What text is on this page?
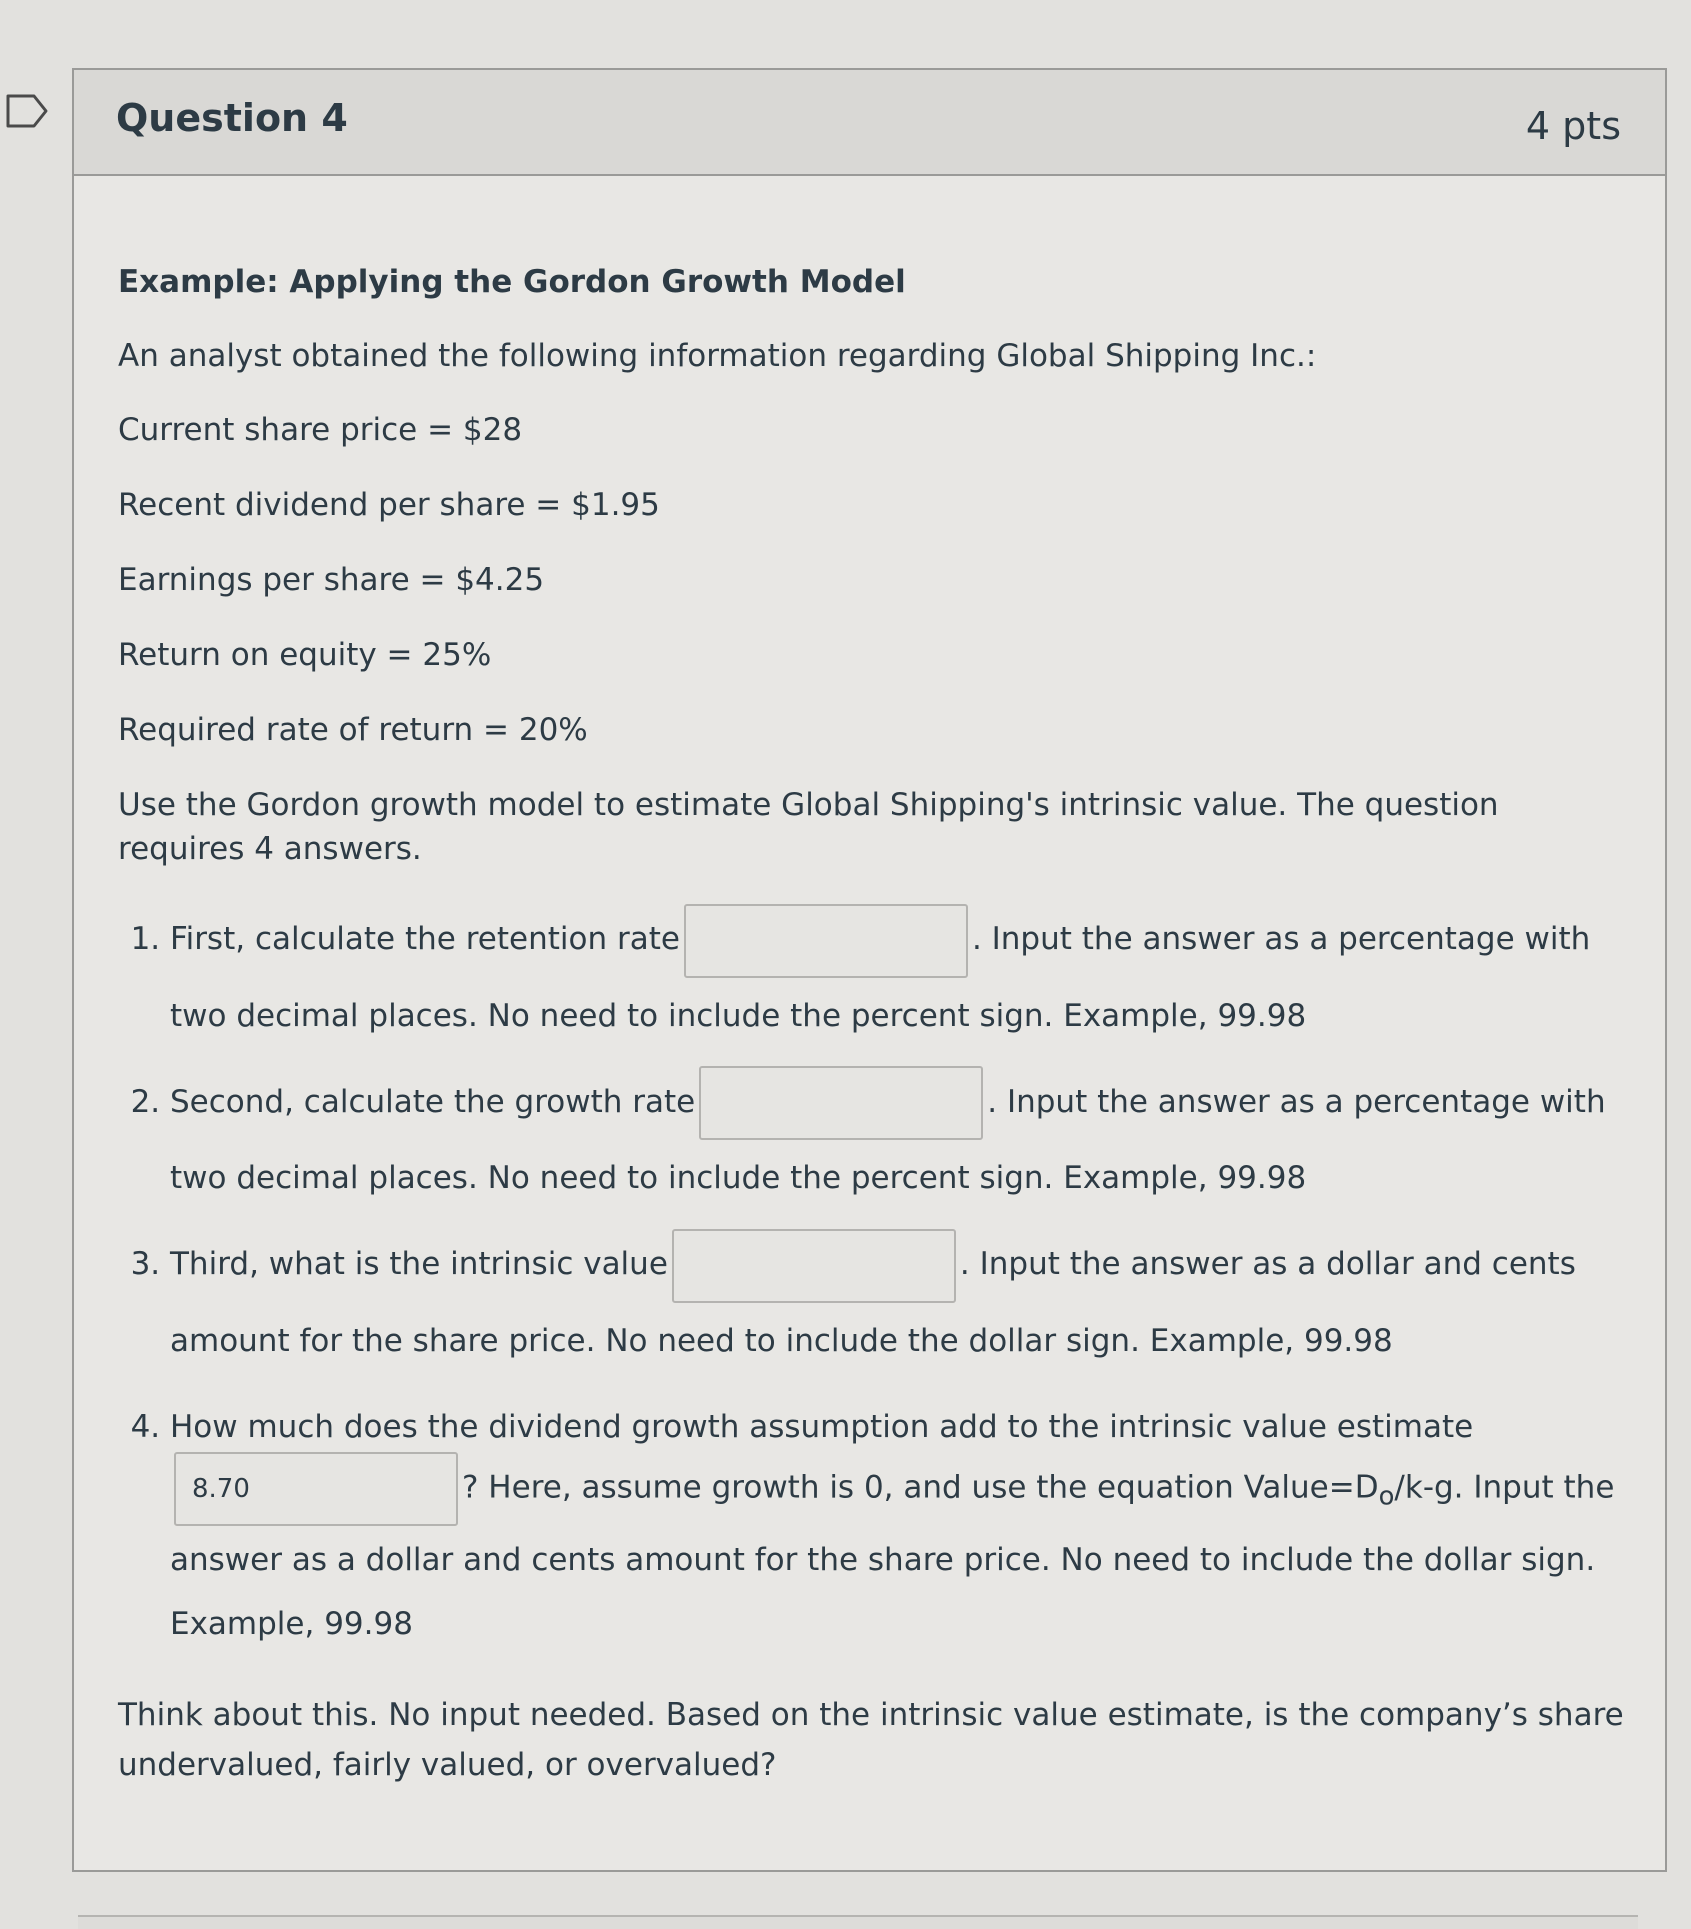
Question 4	4 pts

Example: Applying the Gordon Growth Model

An analyst obtained the following information regarding Global Shipping Inc.:

Current share price = $28

Recent dividend per share = $1.95

Earnings per share = $4.25

Return on equity = 25%

Required rate of return = 20%

Use the Gordon growth model to estimate Global Shipping's intrinsic value. The question requires 4 answers.

1. First, calculate the retention rate	. Input the answer as a percentage with two decimal places. No need to include the percent sign. Example, 99.98
2. Second, calculate the growth rate	. Input the answer as a percentage with two decimal places. No need to include the percent sign. Example, 99.98
3. Third, what is the intrinsic value	. Input the answer as a dollar and cents amount for the share price. No need to include the dollar sign. Example, 99.98
4. How much does the dividend growth assumption add to the intrinsic value estimate
8.70? Here, assume growth is 0, and use the equation $Value=D_o/k-g$. Input the answer as a dollar and cents amount for the share price. No need to include the dollar sign. Example, 99.98

Think about this. No input needed. Based on the intrinsic value estimate, is the company’s share undervalued, fairly valued, or overvalued?
